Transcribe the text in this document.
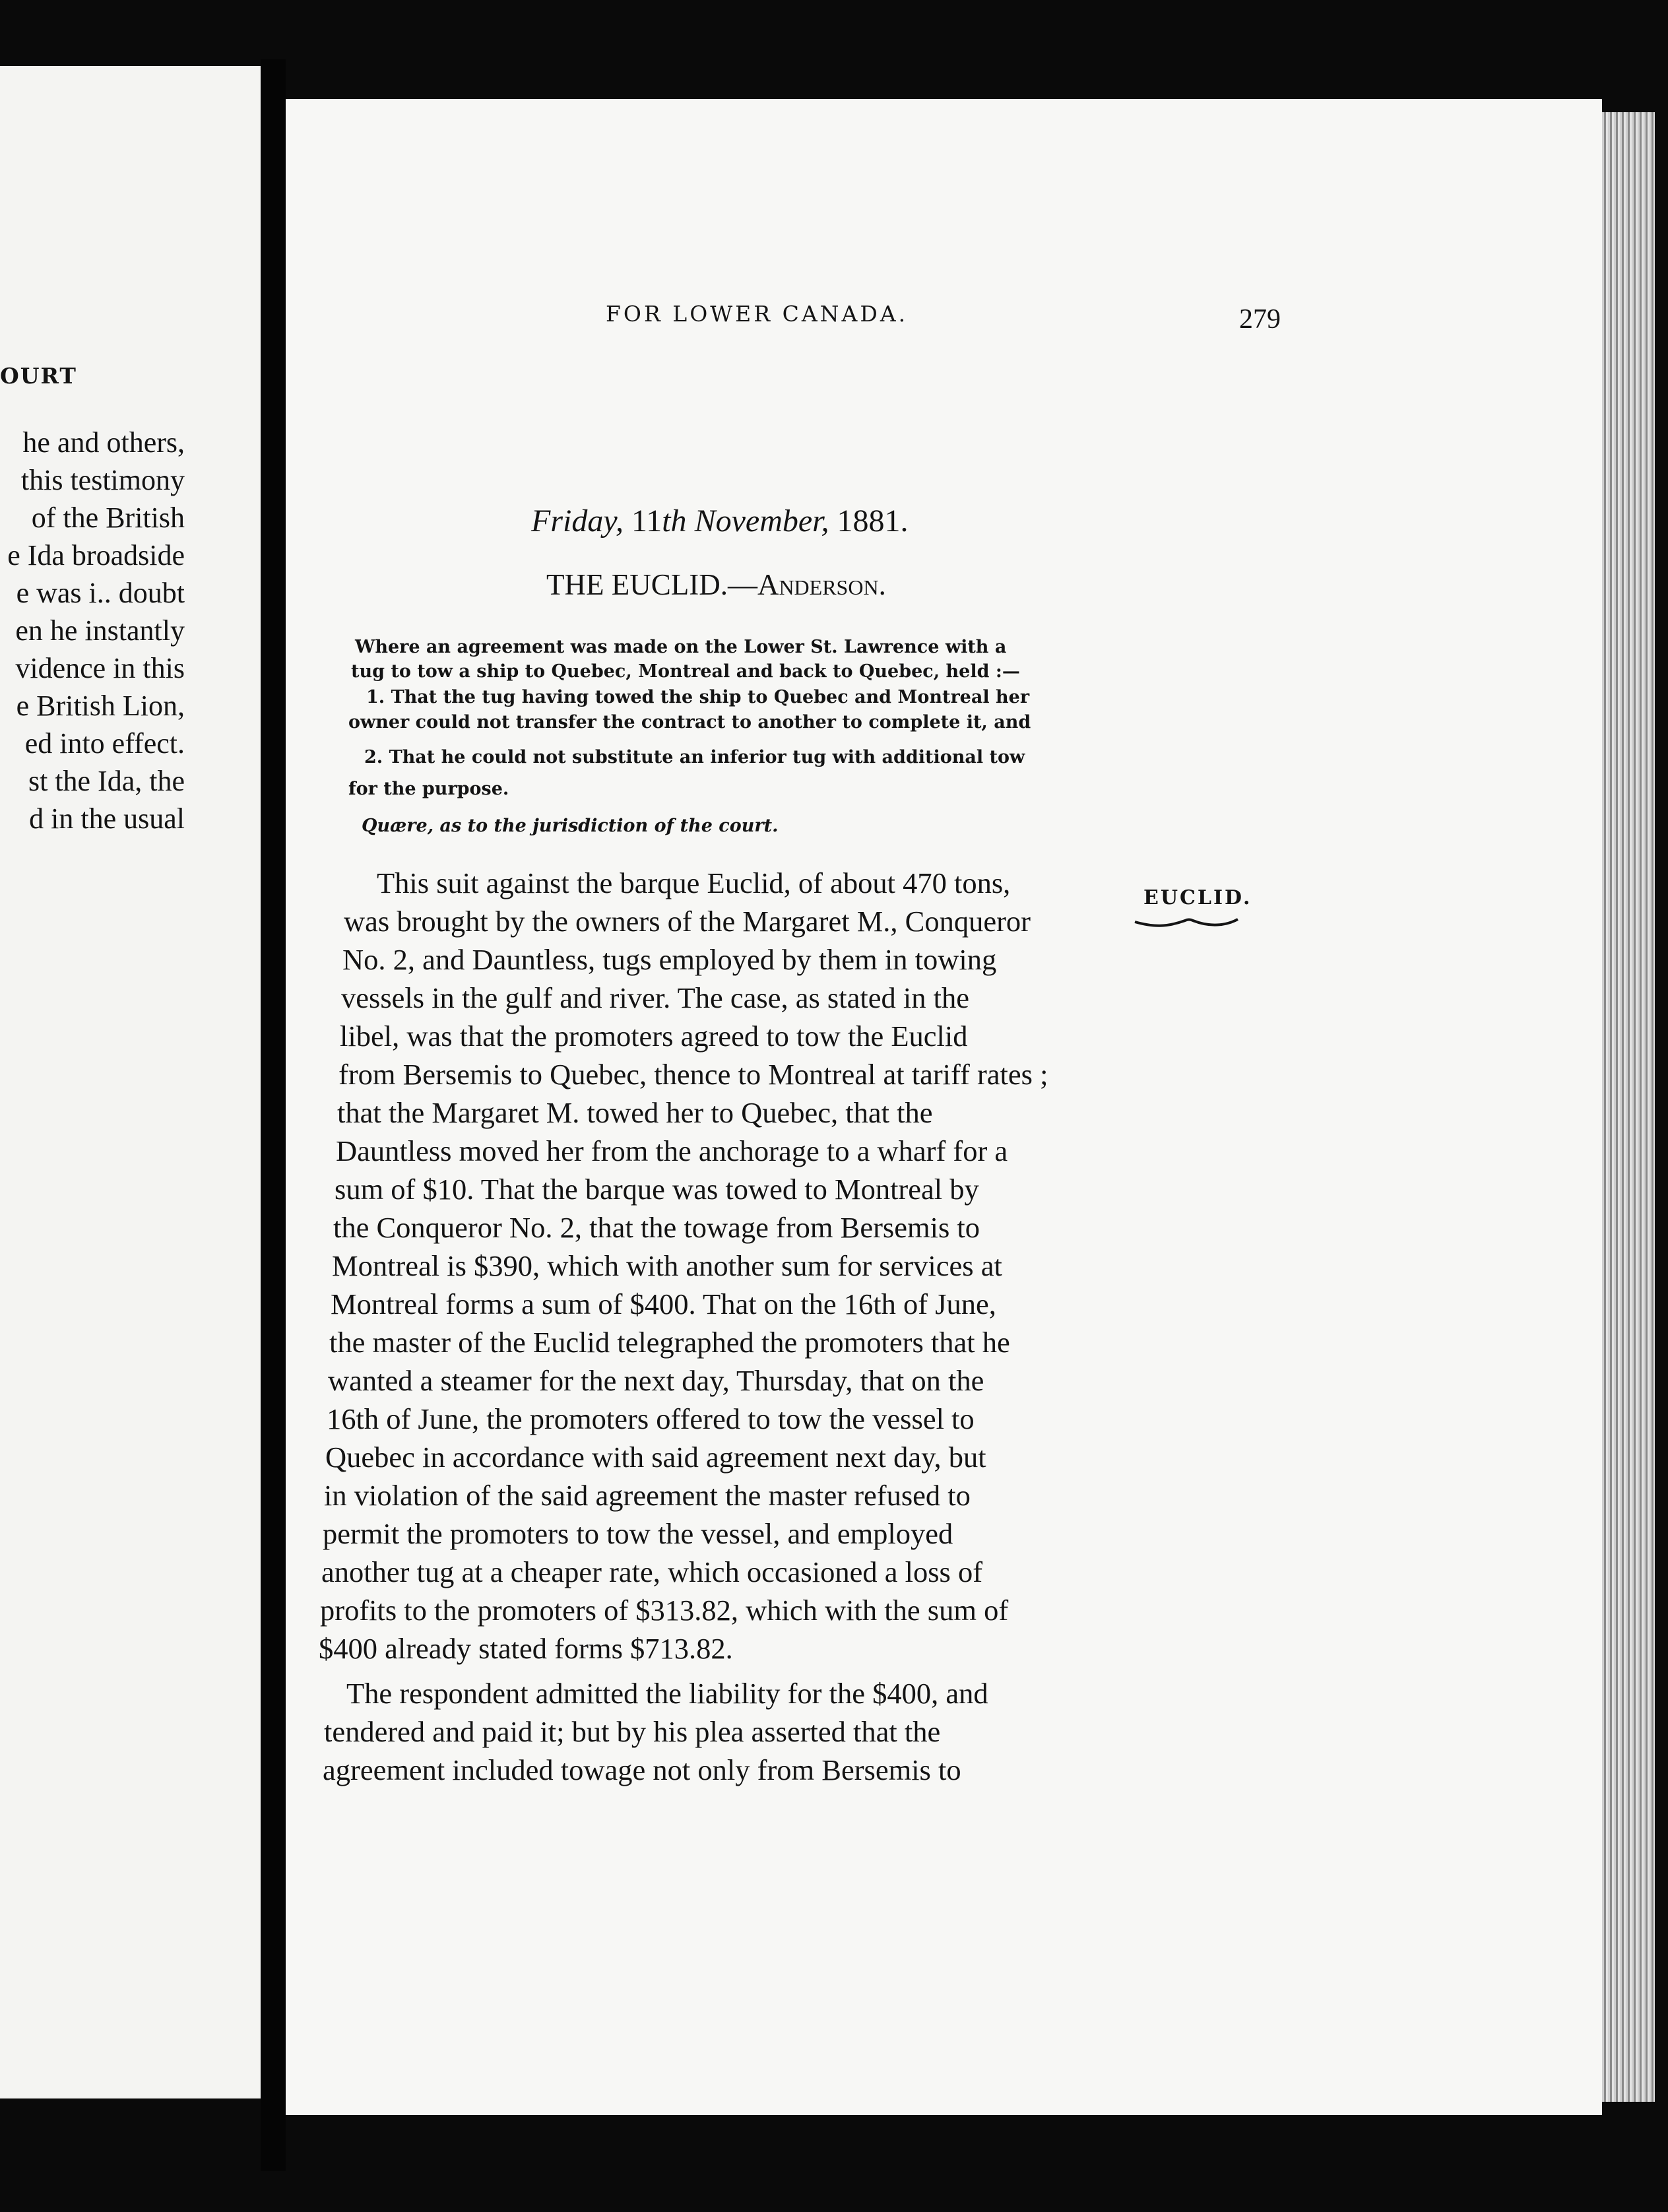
OURT
he and others,
this testimony
of the British
e Ida broadside
e was i.. doubt
en he instantly
vidence in this
e British Lion,
ed into effect.
st the Ida, the
d in the usual
FOR LOWER CANADA.	279
Friday, 11th November, 1881.
THE EUCLID.—Anderson.
Where an agreement was made on the Lower St. Lawrence with a
tug to tow a ship to Quebec, Montreal and back to Quebec, held :—
1. That the tug having towed the ship to Quebec and Montreal her
owner could not transfer the contract to another to complete it, and
2. That he could not substitute an inferior tug with additional tow
for the purpose.
Quære, as to the jurisdiction of the court.
EUCLID.
This suit against the barque Euclid, of about 470 tons,
was brought by the owners of the Margaret M., Conqueror
No. 2, and Dauntless, tugs employed by them in towing
vessels in the gulf and river. The case, as stated in the
libel, was that the promoters agreed to tow the Euclid
from Bersemis to Quebec, thence to Montreal at tariff rates ;
that the Margaret M. towed her to Quebec, that the
Dauntless moved her from the anchorage to a wharf for a
sum of $10. That the barque was towed to Montreal by
the Conqueror No. 2, that the towage from Bersemis to
Montreal is $390, which with another sum for services at
Montreal forms a sum of $400. That on the 16th of June,
the master of the Euclid telegraphed the promoters that he
wanted a steamer for the next day, Thursday, that on the
16th of June, the promoters offered to tow the vessel to
Quebec in accordance with said agreement next day, but
in violation of the said agreement the master refused to
permit the promoters to tow the vessel, and employed
another tug at a cheaper rate, which occasioned a loss of
profits to the promoters of $313.82, which with the sum of
$400 already stated forms $713.82.
The respondent admitted the liability for the $400, and
tendered and paid it; but by his plea asserted that the
agreement included towage not only from Bersemis to
